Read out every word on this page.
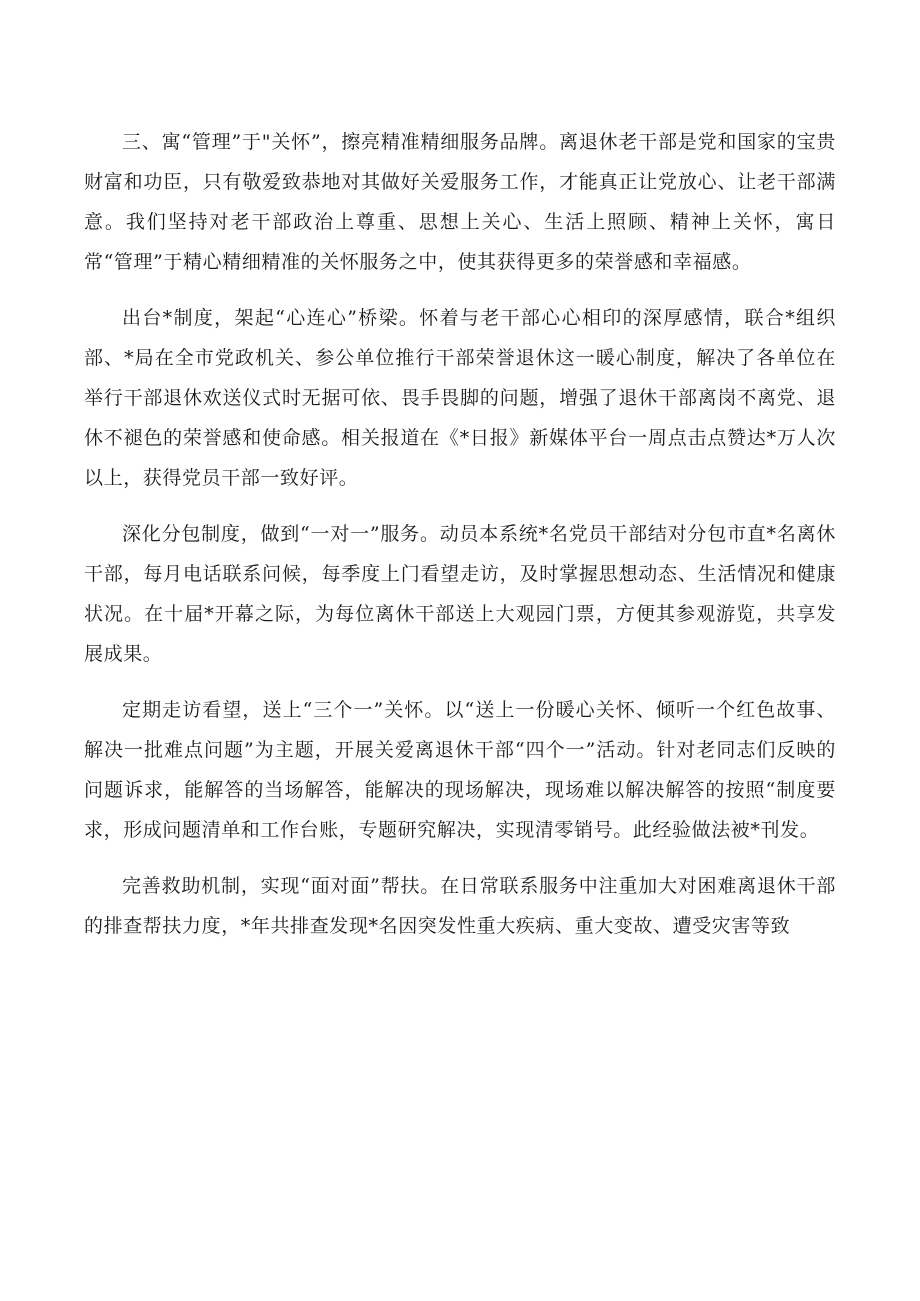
三、寓“管理”于"关怀”，擦亮精准精细服务品牌。离退休老干部是党和国家的宝贵财富和功臣，只有敬爱致恭地对其做好关爱服务工作，才能真正让党放心、让老干部满意。我们坚持对老干部政治上尊重、思想上关心、生活上照顾、精神上关怀，寓日常“管理”于精心精细精准的关怀服务之中，使其获得更多的荣誉感和幸福感。

出台*制度，架起“心连心”桥梁。怀着与老干部心心相印的深厚感情，联合*组织部、*局在全市党政机关、参公单位推行干部荣誉退休这一暖心制度，解决了各单位在举行干部退休欢送仪式时无据可依、畏手畏脚的问题，增强了退休干部离岗不离党、退休不褪色的荣誉感和使命感。相关报道在《*日报》新媒体平台一周点击点赞达*万人次以上，获得党员干部一致好评。

深化分包制度，做到“一对一”服务。动员本系统*名党员干部结对分包市直*名离休干部，每月电话联系问候，每季度上门看望走访，及时掌握思想动态、生活情况和健康状况。在十届*开幕之际，为每位离休干部送上大观园门票，方便其参观游览，共享发展成果。

定期走访看望，送上“三个一”关怀。以“送上一份暖心关怀、倾听一个红色故事、解决一批难点问题”为主题，开展关爱离退休干部“四个一”活动。针对老同志们反映的问题诉求，能解答的当场解答，能解决的现场解决，现场难以解决解答的按照“制度要求，形成问题清单和工作台账，专题研究解决，实现清零销号。此经验做法被*刊发。

完善救助机制，实现“面对面”帮扶。在日常联系服务中注重加大对困难离退休干部的排查帮扶力度，*年共排查发现*名因突发性重大疾病、重大变故、遭受灾害等致
